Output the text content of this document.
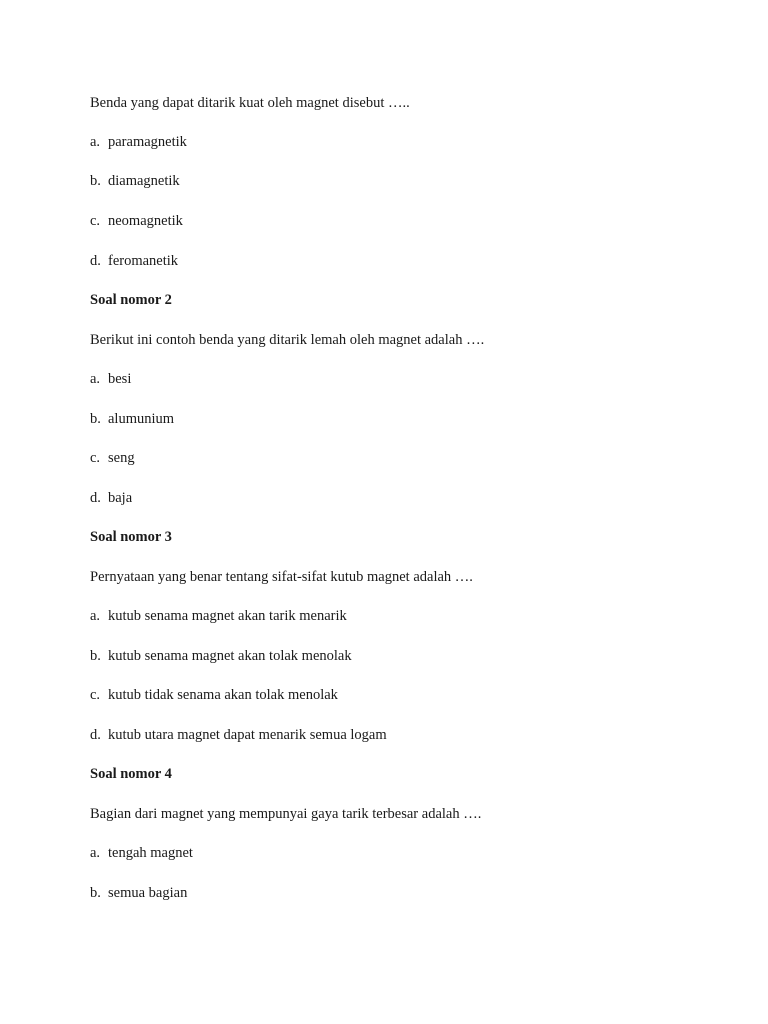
Benda yang dapat ditarik kuat oleh magnet disebut …..
a. paramagnetik
b. diamagnetik
c. neomagnetik
d. feromanetik
Soal nomor 2
Berikut ini contoh benda yang ditarik lemah oleh magnet adalah ….
a. besi
b. alumunium
c. seng
d. baja
Soal nomor 3
Pernyataan yang benar tentang sifat-sifat kutub magnet adalah ….
a. kutub senama magnet akan tarik menarik
b. kutub senama magnet akan tolak menolak
c. kutub tidak senama akan tolak menolak
d. kutub utara magnet dapat menarik semua logam
Soal nomor 4
Bagian dari magnet yang mempunyai gaya tarik terbesar adalah ….
a. tengah magnet
b. semua bagian
